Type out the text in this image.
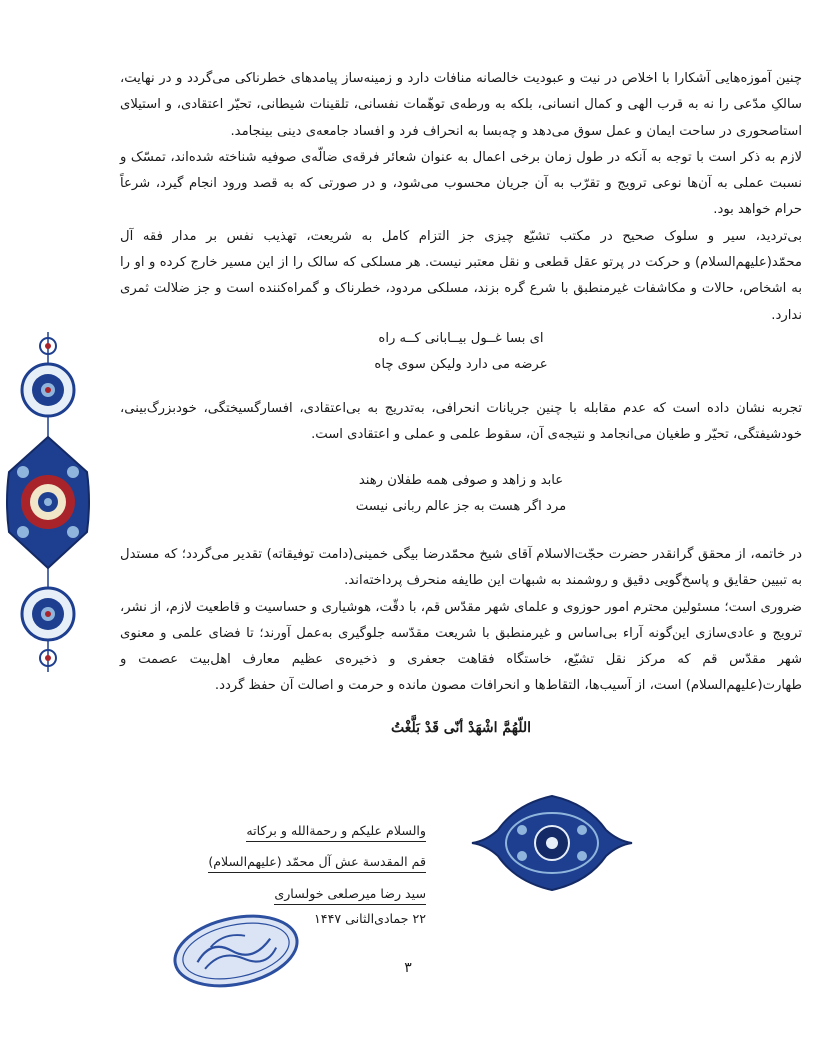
چنین آموزه‌هایی آشکارا با اخلاص در نیت و عبودیت خالصانه منافات دارد و زمینه‌ساز پیامدهای خطرناکی می‌گردد و در نهایت، سالکِ مدّعی را نه به قرب الهی و کمال انسانی، بلکه به ورطه‌ی توهّمات نفسانی، تلقینات شیطانی، تحیّر اعتقادی، و استیلای استاصحوری در ساحت ایمان و عمل سوق می‌دهد و چه‌بسا به انحراف فرد و افساد جامعه‌ی دینی بینجامد.

لازم به ذکر است با توجه به آنکه در طول زمان برخی اعمال به عنوان شعائر فرقه‌ی ضالّه‌ی صوفیه شناخته شده‌اند، تمسّک و نسبت عملی به آن‌ها نوعی ترویج و تقرّب به آن جریان محسوب می‌شود، و در صورتی که به قصد ورود انجام گیرد، شرعاً حرام خواهد بود.

بی‌تردید، سیر و سلوک صحیح در مکتب تشیّع چیزی جز التزام کامل به شریعت، تهذیب نفس بر مدار فقه آل محمّد(علیهم‌السلام) و حرکت در پرتو عقل قطعی و نقل معتبر نیست. هر مسلکی که سالک را از این مسیر خارج کرده و او را به اشخاص، حالات و مکاشفات غیرمنطبق با شرع گره بزند، مسلکی مردود، خطرناک و گمراه‌کننده است و جز ضلالت ثمری ندارد.

ای بسا غــول بیــابانی کــه راه
عرضه می دارد ولیکن سوی چاه

تجربه نشان داده است که عدم مقابله با چنین جریانات انحرافی، به‌تدریج به بی‌اعتقادی، افسارگسیختگی، خودبزرگ‌بینی، خودشیفتگی، تحیّر و طغیان می‌انجامد و نتیجه‌ی آن، سقوط علمی و عملی و اعتقادی است.

عابد و زاهد و صوفی همه طفلان رهند
مرد اگر هست به جز عالم ربانی نیست

در خاتمه، از محقق گرانقدر حضرت حجّت‌الاسلام آقای شیخ محمّدرضا بیگی خمینی(دامت توفیقاته) تقدیر می‌گردد؛ که مستدل به تبیین حقایق و پاسخ‌گویی دقیق و روشمند به شبهات این طایفه منحرف پرداخته‌اند.

ضروری است؛ مسئولین محترم امور حوزوی و علمای شهر مقدّس قم، با دقّت، هوشیاری و حساسیت و قاطعیت لازم، از نشر، ترویج و عادی‌سازی این‌گونه آراء بی‌اساس و غیرمنطبق با شریعت مقدّسه جلوگیری به‌عمل آورند؛ تا فضای علمی و معنوی شهر مقدّس قم که مرکز نقل تشیّع، خاستگاه فقاهت جعفری و ذخیره‌ی عظیم معارف اهل‌بیت عصمت و طهارت(علیهم‌السلام) است، از آسیب‌ها، التقاط‌ها و انحرافات مصون مانده و حرمت و اصالت آن حفظ گردد.

اللّهُمَّ اشْهَدْ أنّی قَدْ بَلَّغْتُ
والسلام علیکم و رحمة‌الله و برکاته
قم المقدسة عش آل محمّد (علیهم‌السلام)
سید رضا میرصلعی خولساری
۲۲ جمادی‌الثانی ۱۴۴۷
۳
